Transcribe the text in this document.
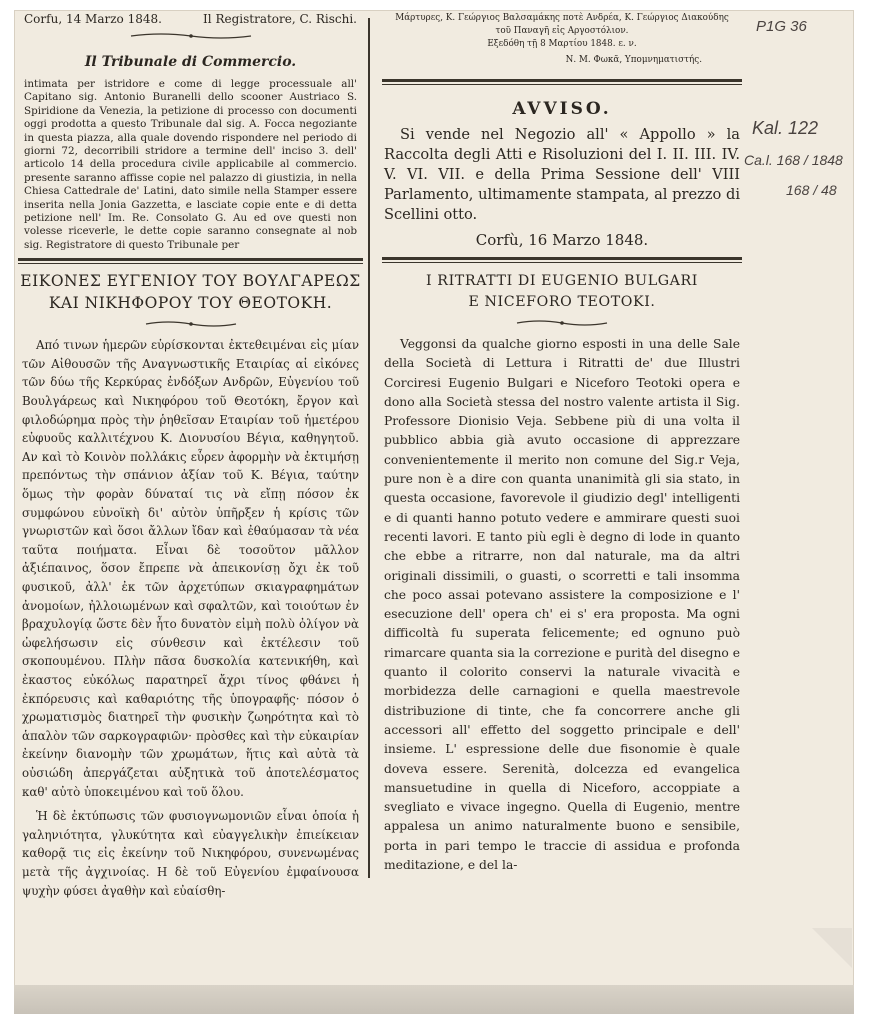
Corfu, 14 Marzo 1848.	Il Registratore, C. Rischi.
Il Tribunale di Commercio.
intimata per istridore e come di legge processuale all' Capitano sig. Antonio Buranelli dello scooner Austriaco S. Spiridione da Venezia, la petizione di processo con documenti oggi prodotta a questo Tribunale dal sig. A. Focca negoziante in questa piazza, alla quale dovendo rispondere nel periodo di giorni 72, decorribili stridore a termine dell' inciso 3. dell' articolo 14 della procedura civile applicabile al commercio. presente saranno affisse copie nel palazzo di giustizia, in nella Chiesa Cattedrale de' Latini, dato simile nella Stamper essere inserita nella Jonia Gazzetta, e lasciate copie ente e di detta petizione nell' Im. Re. Consolato G. Au ed ove questi non volesse riceverle, le dette copie saranno consegnate al nob sig. Registratore di questo Tribunale per
ΕΙΚΟΝΕΣ ΕΥΓΕΝΙΟΥ ΤΟΥ ΒΟΥΛΓΑΡΕΩΣ
ΚΑΙ ΝΙΚΗΦΟΡΟΥ ΤΟΥ ΘΕΟΤΟΚΗ.

Από τινων ἡμερῶν εὑρίσκονται ἐκτεθειμέναι εἰς μίαν τῶν Αἰθουσῶν τῆς Αναγνωστικῆς Εταιρίας αἱ εἰκόνες τῶν δύω τῆς Κερκύρας ἐνδόξων Ανδρῶν, Εὐγενίου τοῦ Βουλγάρεως καὶ Νικηφόρου τοῦ Θεοτόκη, ἔργον καὶ φιλοδώρημα πρὸς τὴν ῥηθεῖσαν Εταιρίαν τοῦ ἡμετέρου εὐφυοῦς καλλιτέχνου Κ. Διονυσίου Βέγια, καθηγητοῦ. Αν καὶ τὸ Κοινὸν πολλάκις εὗρεν ἀφορμὴν νὰ ἐκτιμήσῃ πρεπόντως τὴν σπάνιον ἀξίαν τοῦ Κ. Βέγια, ταύτην ὅμως τὴν φορὰν δύναταί τις νὰ εἴπῃ πόσον ἐκ συμφώνου εὐνοϊκὴ δι' αὐτὸν ὑπῆρξεν ἡ κρίσις τῶν γνωριστῶν καὶ ὅσοι ἄλλων ἴδαν καὶ ἐθαύμασαν τὰ νέα ταῦτα ποιήματα. Εἶναι δὲ τοσοῦτον μᾶλλον ἀξιέπαινος, ὅσον ἔπρεπε νὰ ἀπεικονίσῃ ὄχι ἐκ τοῦ φυσικοῦ, ἀλλ' ἐκ τῶν ἀρχετύπων σκιαγραφημάτων ἀνομοίων, ἠλλοιωμένων καὶ σφαλτῶν, καὶ τοιούτων ἐν βραχυλογίᾳ ὥστε δὲν ἦτο δυνατὸν εἰμὴ πολὺ ὀλίγον νὰ ὠφελήσωσιν εἰς σύνθεσιν καὶ ἐκτέλεσιν τοῦ σκοπουμένου. Πλὴν πᾶσα δυσκολία κατενικήθη, καὶ ἐκαστος εὐκόλως παρατηρεῖ ἄχρι τίνος φθάνει ἡ ἐκπόρευσις καὶ καθαριότης τῆς ὑπογραφῆς· πόσον ὁ χρωματισμὸς διατηρεῖ τὴν φυσικὴν ζωηρότητα καὶ τὸ ἁπαλὸν τῶν σαρκογραφιῶν· πρὸσθες καὶ τὴν εὐκαιρίαν ἐκείνην διανομὴν τῶν χρωμάτων, ἥτις καὶ αὐτὰ τὰ οὐσιώδη ἀπεργάζεται αὐξητικὰ τοῦ ἀποτελέσματος καθ' αὐτὸ ὑποκειμένου καὶ τοῦ ὅλου.

Ἡ δὲ ἐκτύπωσις τῶν φυσιογνωμονιῶν εἶναι ὁποία ἡ γαληνιότητα, γλυκύτητα καὶ εὐαγγελικὴν ἐπιείκειαν καθορᾷ τις εἰς ἐκείνην τοῦ Νικηφόρου, συνενωμένας μετὰ τῆς ἀγχινοίας. Η δὲ τοῦ Εὐγενίου ἐμφαίνουσα ψυχὴν φύσει ἀγαθὴν καὶ εὐαίσθη-

Μάρτυρες, Κ. Γεώργιος Βαλσαμάκης ποτὲ Ανδρέα, Κ. Γεώργιος Διακούδης τοῦ Παναγῆ εἰς Αργοστόλιον.
Εξεδόθη τῇ 8 Μαρτίου 1848. ε. ν.
Ν. Μ. Φωκᾶ, Υπομνηματιστής.
AVVISO.
Si vende nel Negozio all' « Appollo » la Raccolta degli Atti e Risoluzioni del I. II. III. IV. V. VI. VII. e della Prima Sessione dell' VIII Parlamento, ultimamente stampata, al prezzo di Scellini otto.
Corfù, 16 Marzo 1848.
I RITRATTI DI EUGENIO BULGARI
E NICEFORO TEOTOKI.
Veggonsi da qualche giorno esposti in una delle Sale della Società di Lettura i Ritratti de' due Illustri Corciresi Eugenio Bulgari e Niceforo Teotoki opera e dono alla Società stessa del nostro valente artista il Sig. Professore Dionisio Veja. Sebbene più di una volta il pubblico abbia già avuto occasione di apprezzare convenientemente il merito non comune del Sig.r Veja, pure non è a dire con quanta unanimità gli sia stato, in questa occasione, favorevole il giudizio degl' intelligenti e di quanti hanno potuto vedere e ammirare questi suoi recenti lavori. E tanto più egli è degno di lode in quanto che ebbe a ritrarre, non dal naturale, ma da altri originali dissimili, o guasti, o scorretti e tali insomma che poco assai potevano assistere la composizione e l' esecuzione dell' opera ch' ei s' era proposta. Ma ogni difficoltà fu superata felicemente; ed ognuno può rimarcare quanta sia la correzione e purità del disegno e quanto il colorito conservi la naturale vivacità e morbidezza delle carnagioni e quella maestrevole distribuzione di tinte, che fa concorrere anche gli accessori all' effetto del soggetto principale e dell' insieme. L' espressione delle due fisonomie è quale doveva essere. Serenità, dolcezza ed evangelica mansuetudine in quella di Niceforo, accoppiate a svegliato e vivace ingegno. Quella di Eugenio, mentre appalesa un animo naturalmente buono e sensibile, porta in pari tempo le traccie di assidua e profonda meditazione, e del la-
P1G 36
Kal. 122
Ca.l. 168 / 1848
168 / 48
